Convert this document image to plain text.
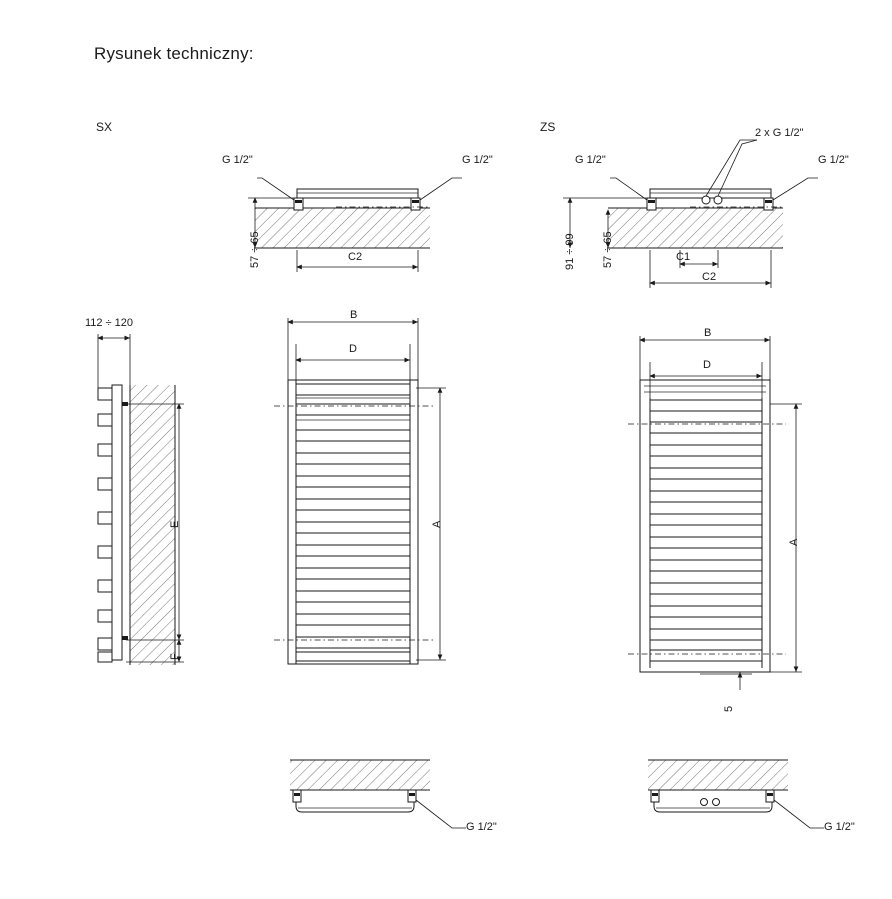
Rysunek techniczny:
SX	ZS
G 1/2"	G 1/2"
57 ÷ 65	C2
G 1/2"	G 1/2"
2 x G 1/2"
91 ÷ 99 57 ÷ 65	C1
C2
112 ÷ 120
E
F
B
D
A
B
D
A
5
G 1/2"	G 1/2"
